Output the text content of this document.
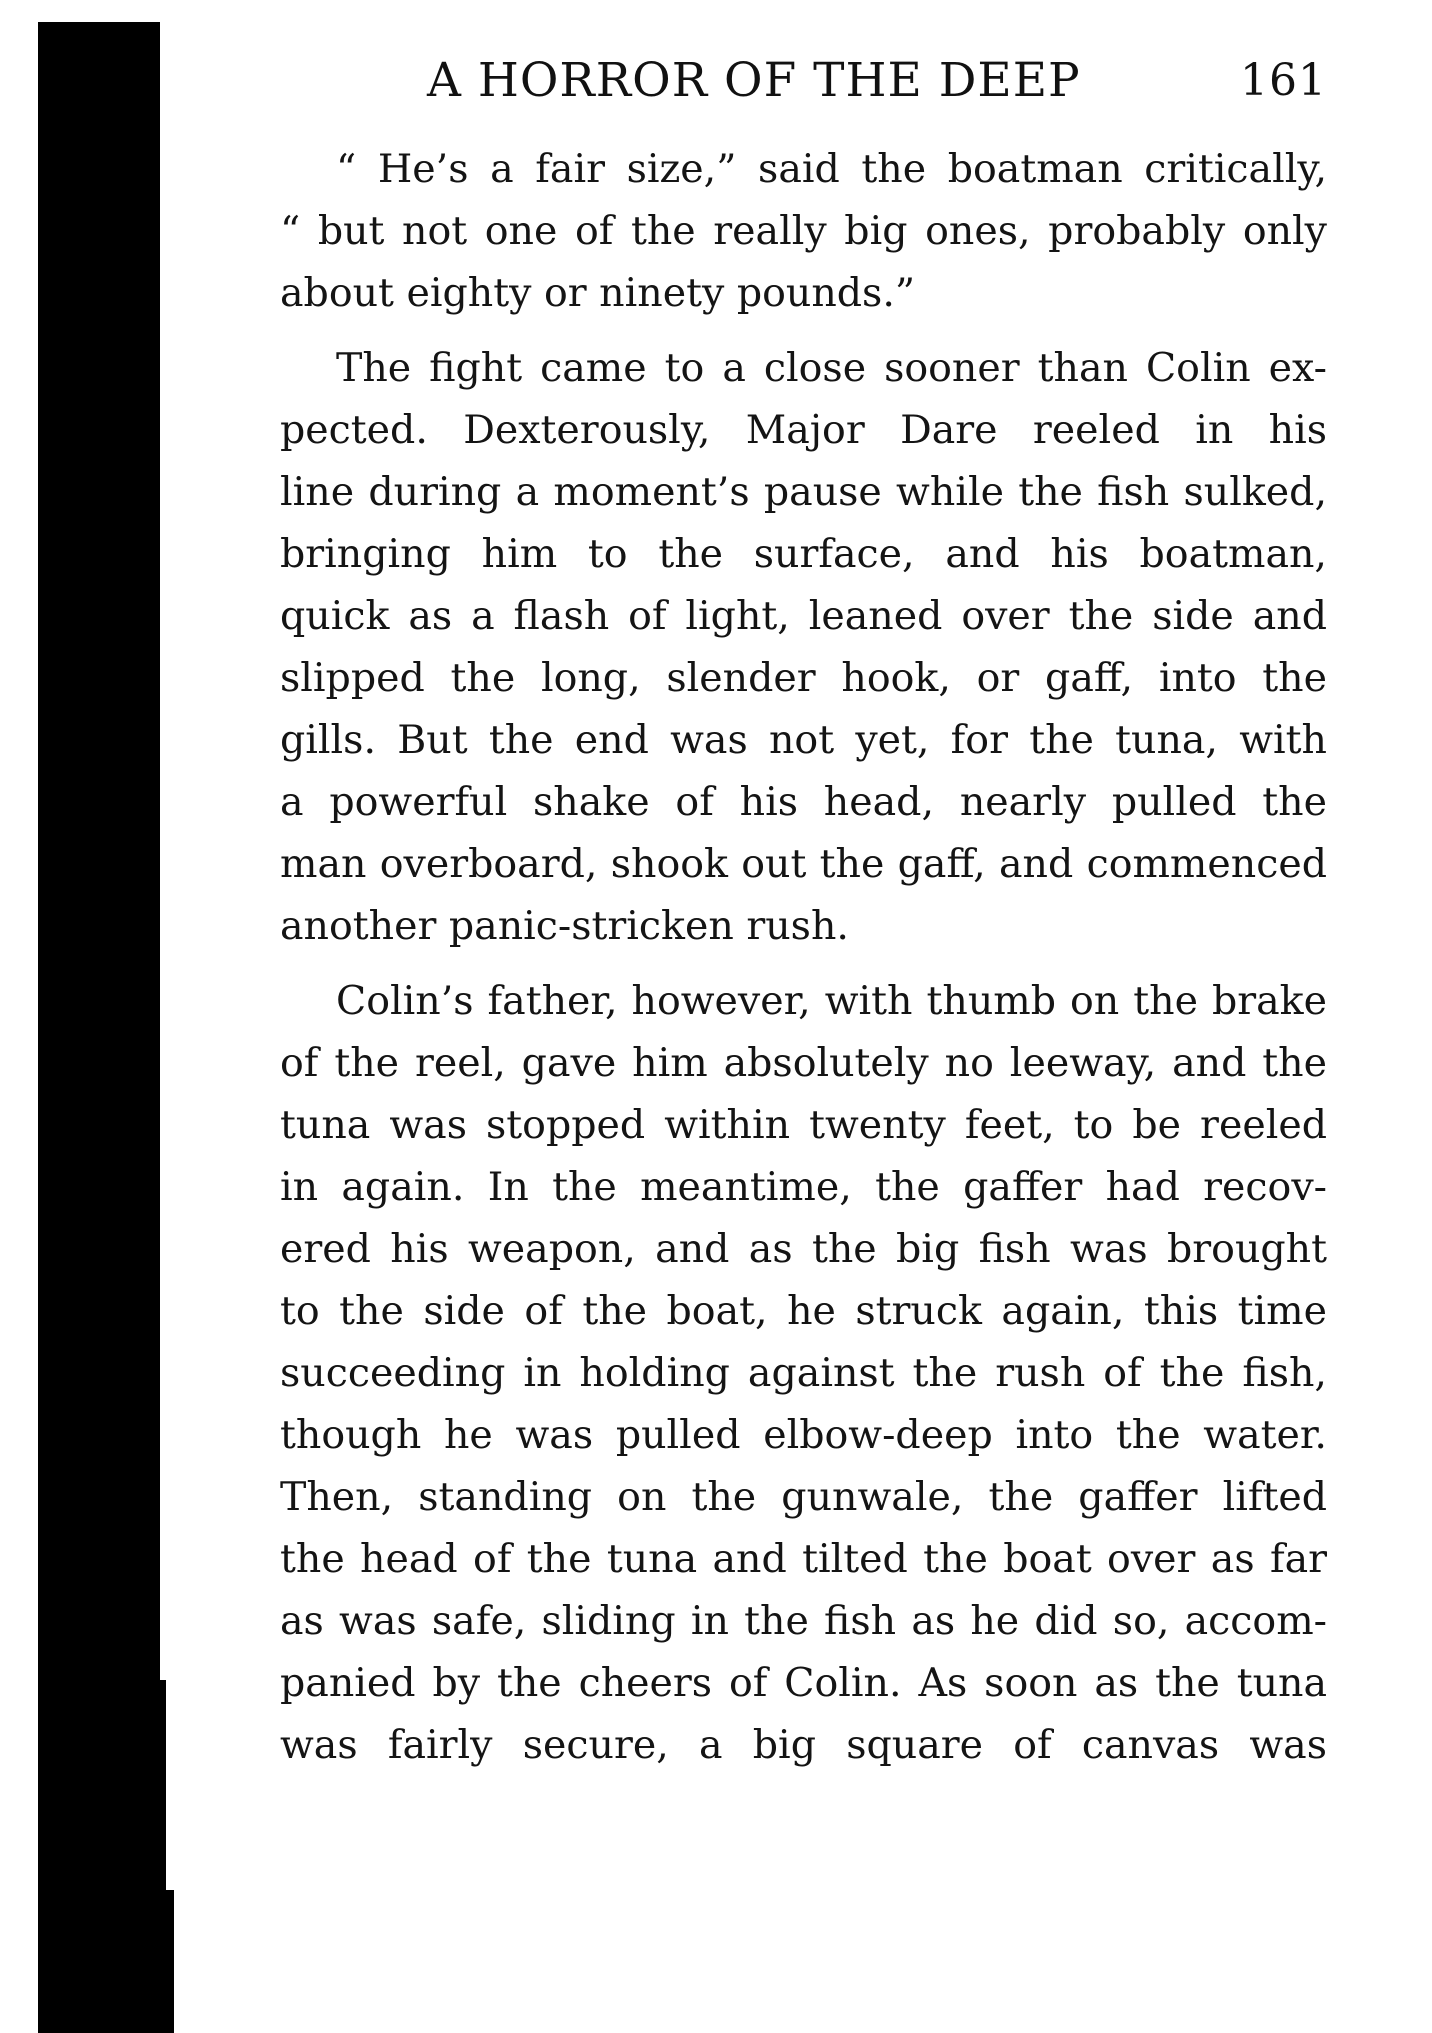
A HORROR OF THE DEEP	161
“ He’s a fair size,” said the boatman critically,
“ but not one of the really big ones, probably only
about eighty or ninety pounds.”
The fight came to a close sooner than Colin ex-
pected. Dexterously, Major Dare reeled in his
line during a moment’s pause while the fish sulked,
bringing him to the surface, and his boatman,
quick as a flash of light, leaned over the side and
slipped the long, slender hook, or gaff, into the
gills. But the end was not yet, for the tuna, with
a powerful shake of his head, nearly pulled the
man overboard, shook out the gaff, and commenced
another panic-stricken rush.
Colin’s father, however, with thumb on the brake
of the reel, gave him absolutely no leeway, and the
tuna was stopped within twenty feet, to be reeled
in again. In the meantime, the gaffer had recov-
ered his weapon, and as the big fish was brought
to the side of the boat, he struck again, this time
succeeding in holding against the rush of the fish,
though he was pulled elbow-deep into the water.
Then, standing on the gunwale, the gaffer lifted
the head of the tuna and tilted the boat over as far
as was safe, sliding in the fish as he did so, accom-
panied by the cheers of Colin. As soon as the tuna
was fairly secure, a big square of canvas was
